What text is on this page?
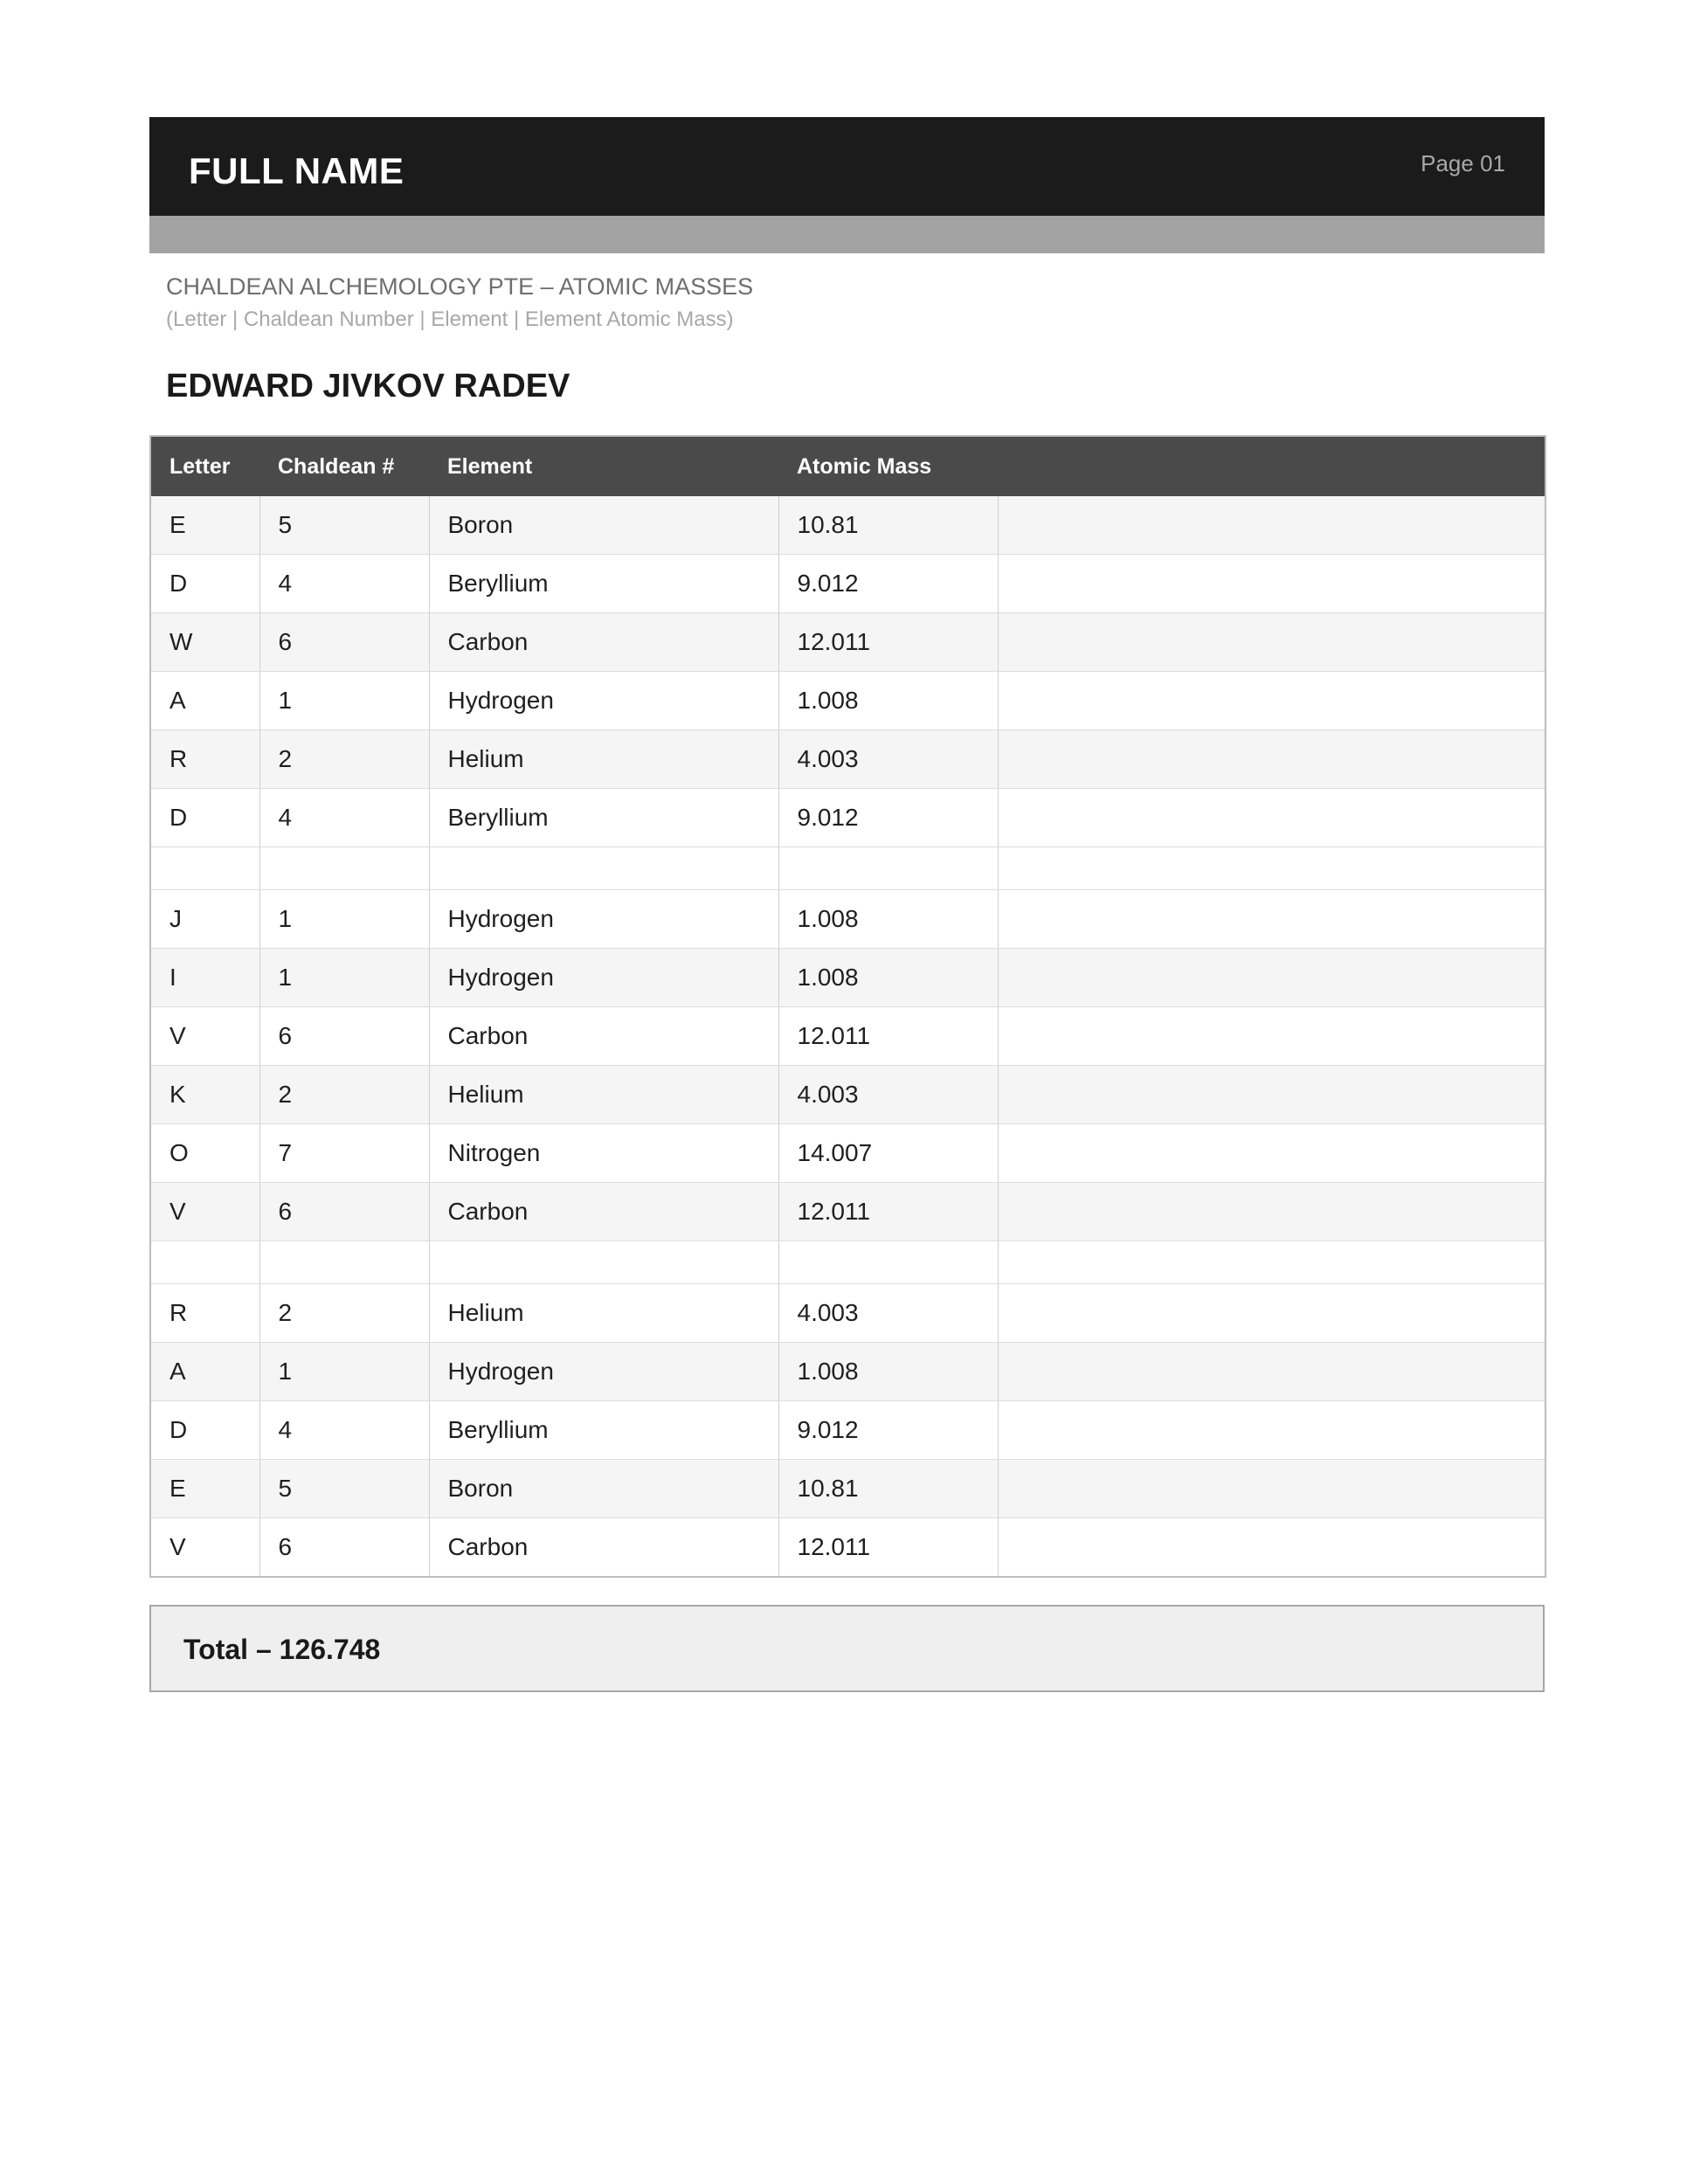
FULL NAME	Page 01
CHALDEAN ALCHEMOLOGY PTE – ATOMIC MASSES
(Letter | Chaldean Number | Element | Element Atomic Mass)
EDWARD JIVKOV RADEV
Letter	Chaldean #	Element	Atomic Mass	
E	5	Boron	10.81	
D	4	Beryllium	9.012	
W	6	Carbon	12.011	
A	1	Hydrogen	1.008	
R	2	Helium	4.003	
D	4	Beryllium	9.012	

J	1	Hydrogen	1.008	
I	1	Hydrogen	1.008	
V	6	Carbon	12.011	
K	2	Helium	4.003	
O	7	Nitrogen	14.007	
V	6	Carbon	12.011	

R	2	Helium	4.003	
A	1	Hydrogen	1.008	
D	4	Beryllium	9.012	
E	5	Boron	10.81	
V	6	Carbon	12.011	
Total – 126.748
